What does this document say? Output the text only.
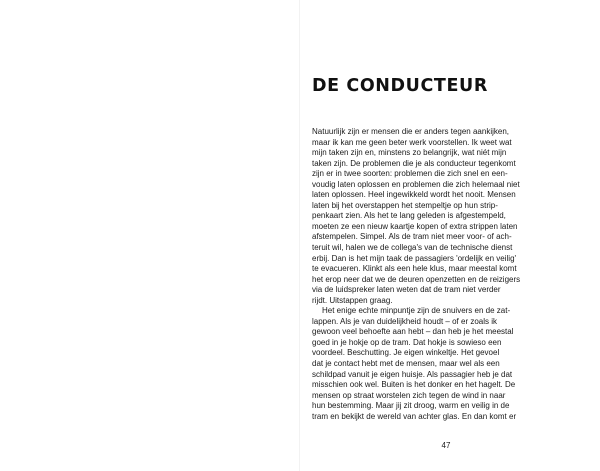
DE CONDUCTEUR
Natuurlijk zijn er mensen die er anders tegen aankijken,
maar ik kan me geen beter werk voorstellen. Ik weet wat
mijn taken zijn en, minstens zo belangrijk, wat niét mijn
taken zijn. De problemen die je als conducteur tegenkomt
zijn er in twee soorten: problemen die zich snel en een-
voudig laten oplossen en problemen die zich helemaal niet
laten oplossen. Heel ingewikkeld wordt het nooit. Mensen
laten bij het overstappen het stempeltje op hun strip-
penkaart zien. Als het te lang geleden is afgestempeld,
moeten ze een nieuw kaartje kopen of extra strippen laten
afstempelen. Simpel. Als de tram niet meer voor- of ach-
teruit wil, halen we de collega's van de technische dienst
erbij. Dan is het mijn taak de passagiers 'ordelijk en veilig'
te evacueren. Klinkt als een hele klus, maar meestal komt
het erop neer dat we de deuren openzetten en de reizigers
via de luidspreker laten weten dat de tram niet verder
rijdt. Uitstappen graag.
Het enige echte minpuntje zijn de snuivers en de zat-
lappen. Als je van duidelijkheid houdt – of er zoals ik
gewoon veel behoefte aan hebt – dan heb je het meestal
goed in je hokje op de tram. Dat hokje is sowieso een
voordeel. Beschutting. Je eigen winkeltje. Het gevoel
dat je contact hebt met de mensen, maar wel als een
schildpad vanuit je eigen huisje. Als passagier heb je dat
misschien ook wel. Buiten is het donker en het hagelt. De
mensen op straat worstelen zich tegen de wind in naar
hun bestemming. Maar jij zit droog, warm en veilig in de
tram en bekijkt de wereld van achter glas. En dan komt er
47
